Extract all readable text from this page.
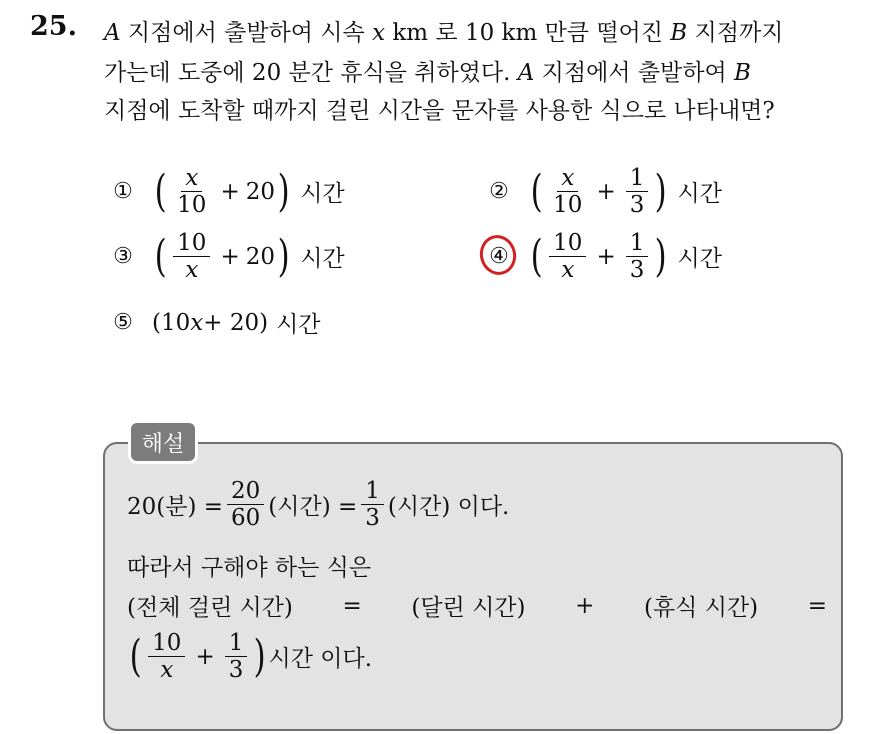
25. A 지점에서 출발하여 시속 x km 로 10 km 만큼 떨어진 B 지점까지
가는데 도중에 20 분간 휴식을 취하였다. A 지점에서 출발하여 B
지점에 도착할 때까지 걸린 시간을 문자를 사용한 식으로 나타내면?
① ( $\frac{x}{10} + 20$ ) 시간	② ( $\frac{x}{10} + \frac{1}{3}$ ) 시간
③ ( $\frac{10}{x} + 20$ ) 시간	④ ( $\frac{10}{x} + \frac{1}{3}$ ) 시간
⑤ (10 x + 20) 시간
해설
20(분) = $\frac{20}{60}$ (시간) = $\frac{1}{3}$ (시간) 이다.
따라서 구해야 하는 식은
(전체 걸린 시간) = (달린 시간) + (휴식 시간) =
( $\frac{10}{x} + \frac{1}{3}$ ) 시간 이다.
